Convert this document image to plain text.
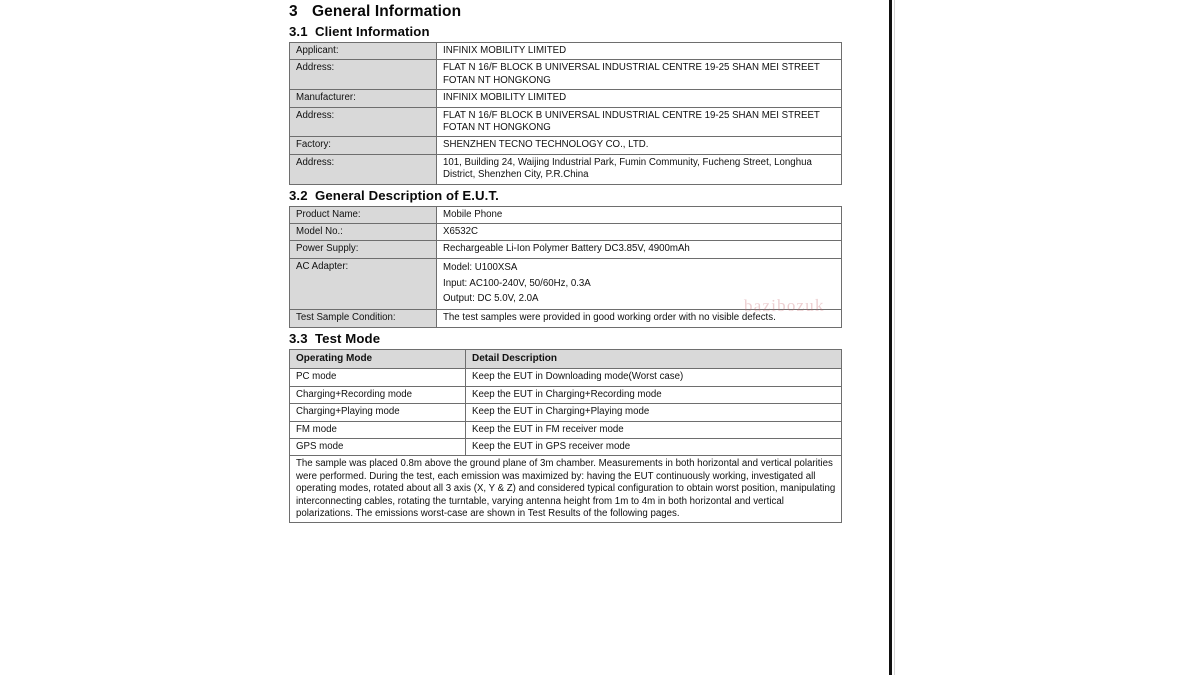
3 General Information
3.1 Client Information
Applicant:	INFINIX MOBILITY LIMITED
Address:	FLAT N 16/F BLOCK B UNIVERSAL INDUSTRIAL CENTRE 19-25 SHAN MEI STREET FOTAN NT HONGKONG
Manufacturer:	INFINIX MOBILITY LIMITED
Address:	FLAT N 16/F BLOCK B UNIVERSAL INDUSTRIAL CENTRE 19-25 SHAN MEI STREET FOTAN NT HONGKONG
Factory:	SHENZHEN TECNO TECHNOLOGY CO., LTD.
Address:	101, Building 24, Waijing Industrial Park, Fumin Community, Fucheng Street, Longhua District, Shenzhen City, P.R.China
3.2 General Description of E.U.T.
Product Name:	Mobile Phone
Model No.:	X6532C
Power Supply:	Rechargeable Li-Ion Polymer Battery DC3.85V, 4900mAh
AC Adapter:	Model: U100XSA
Input: AC100-240V, 50/60Hz, 0.3A
Output: DC 5.0V, 2.0A

Test Sample Condition:	The test samples were provided in good working order with no visible defects.
3.3 Test Mode
Operating Mode	Detail Description
PC mode	Keep the EUT in Downloading mode(Worst case)
Charging+Recording mode	Keep the EUT in Charging+Recording mode
Charging+Playing mode	Keep the EUT in Charging+Playing mode
FM mode	Keep the EUT in FM receiver mode
GPS mode	Keep the EUT in GPS receiver mode
The sample was placed 0.8m above the ground plane of 3m chamber. Measurements in both horizontal and vertical polarities were performed. During the test, each emission was maximized by: having the EUT continuously working, investigated all operating modes, rotated about all 3 axis (X, Y & Z) and considered typical configuration to obtain worst position, manipulating interconnecting cables, rotating the turntable, varying antenna height from 1m to 4m in both horizontal and vertical polarizations. The emissions worst-case are shown in Test Results of the following pages.	
bazibozuk
